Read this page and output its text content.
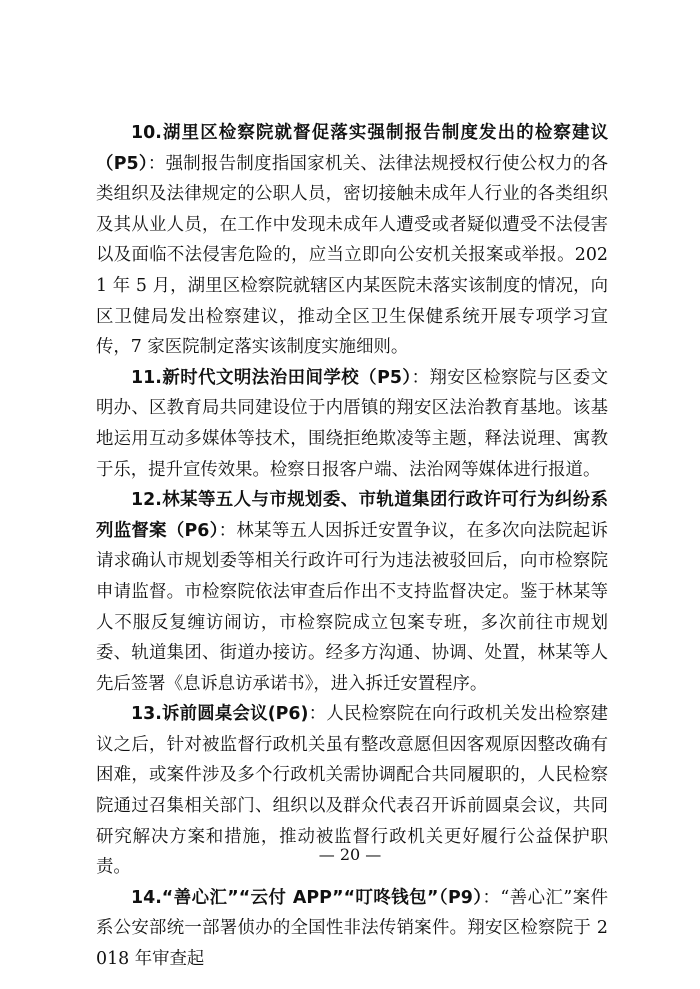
10.湖里区检察院就督促落实强制报告制度发出的检察建议（P5）：强制报告制度指国家机关、法律法规授权行使公权力的各类组织及法律规定的公职人员，密切接触未成年人行业的各类组织及其从业人员，在工作中发现未成年人遭受或者疑似遭受不法侵害以及面临不法侵害危险的，应当立即向公安机关报案或举报。2021 年 5 月，湖里区检察院就辖区内某医院未落实该制度的情况，向区卫健局发出检察建议，推动全区卫生保健系统开展专项学习宣传，7 家医院制定落实该制度实施细则。

11.新时代文明法治田间学校（P5）：翔安区检察院与区委文明办、区教育局共同建设位于内厝镇的翔安区法治教育基地。该基地运用互动多媒体等技术，围绕拒绝欺凌等主题，释法说理、寓教于乐，提升宣传效果。检察日报客户端、法治网等媒体进行报道。

12.林某等五人与市规划委、市轨道集团行政许可行为纠纷系列监督案（P6）：林某等五人因拆迁安置争议，在多次向法院起诉请求确认市规划委等相关行政许可行为违法被驳回后，向市检察院申请监督。市检察院依法审查后作出不支持监督决定。鉴于林某等人不服反复缠访闹访，市检察院成立包案专班，多次前往市规划委、轨道集团、街道办接访。经多方沟通、协调、处置，林某等人先后签署《息诉息访承诺书》，进入拆迁安置程序。

13.诉前圆桌会议(P6)：人民检察院在向行政机关发出检察建议之后，针对被监督行政机关虽有整改意愿但因客观原因整改确有困难，或案件涉及多个行政机关需协调配合共同履职的，人民检察院通过召集相关部门、组织以及群众代表召开诉前圆桌会议，共同研究解决方案和措施，推动被监督行政机关更好履行公益保护职责。

14.“善心汇”“云付 APP”“叮咚钱包”（P9）：“善心汇”案件系公安部统一部署侦办的全国性非法传销案件。翔安区检察院于 2018 年审查起

— 20 —
